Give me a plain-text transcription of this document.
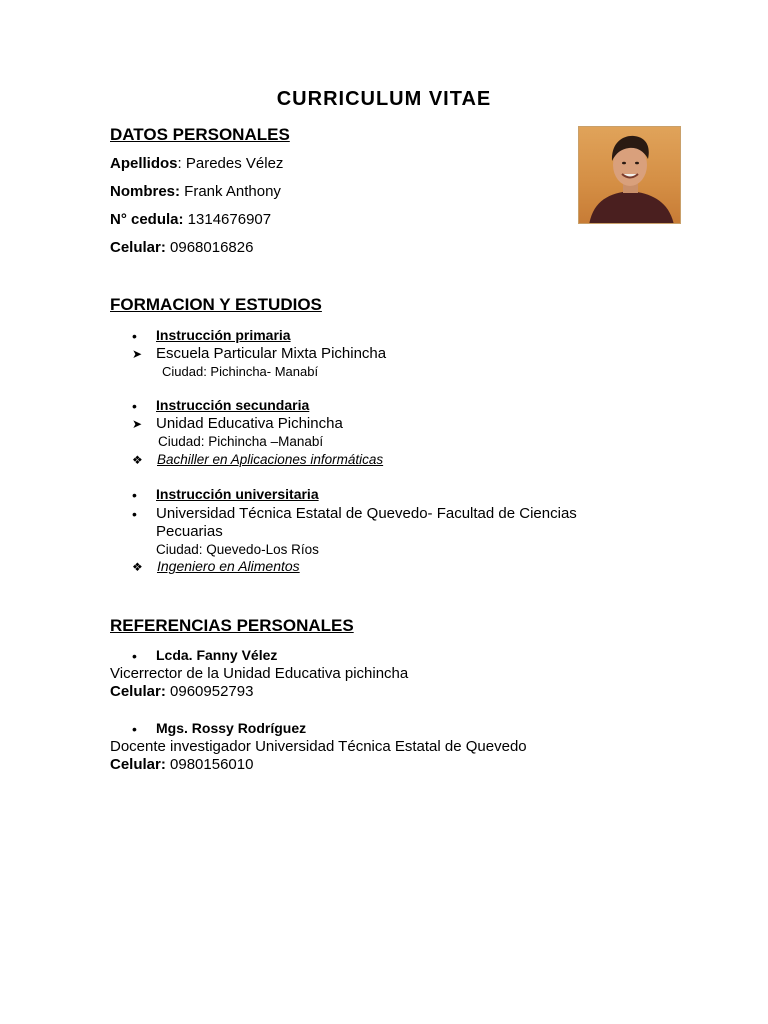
CURRICULUM VITAE
DATOS PERSONALES
Apellidos: Paredes Vélez
Nombres: Frank Anthony
N° cedula: 1314676907
Celular: 0968016826
FORMACION Y ESTUDIOS
• Instrucción primaria
➤ Escuela Particular Mixta Pichincha
Ciudad: Pichincha- Manabí
• Instrucción secundaria
➤ Unidad Educativa Pichincha
Ciudad: Pichincha –Manabí
❖ Bachiller en Aplicaciones informáticas
• Instrucción universitaria
• Universidad Técnica Estatal de Quevedo- Facultad de Ciencias
Pecuarias
Ciudad: Quevedo-Los Ríos
❖ Ingeniero en Alimentos
REFERENCIAS PERSONALES
• Lcda. Fanny Vélez
Vicerrector de la Unidad Educativa pichincha
Celular: 0960952793
• Mgs. Rossy Rodríguez
Docente investigador Universidad Técnica Estatal de Quevedo
Celular: 0980156010
